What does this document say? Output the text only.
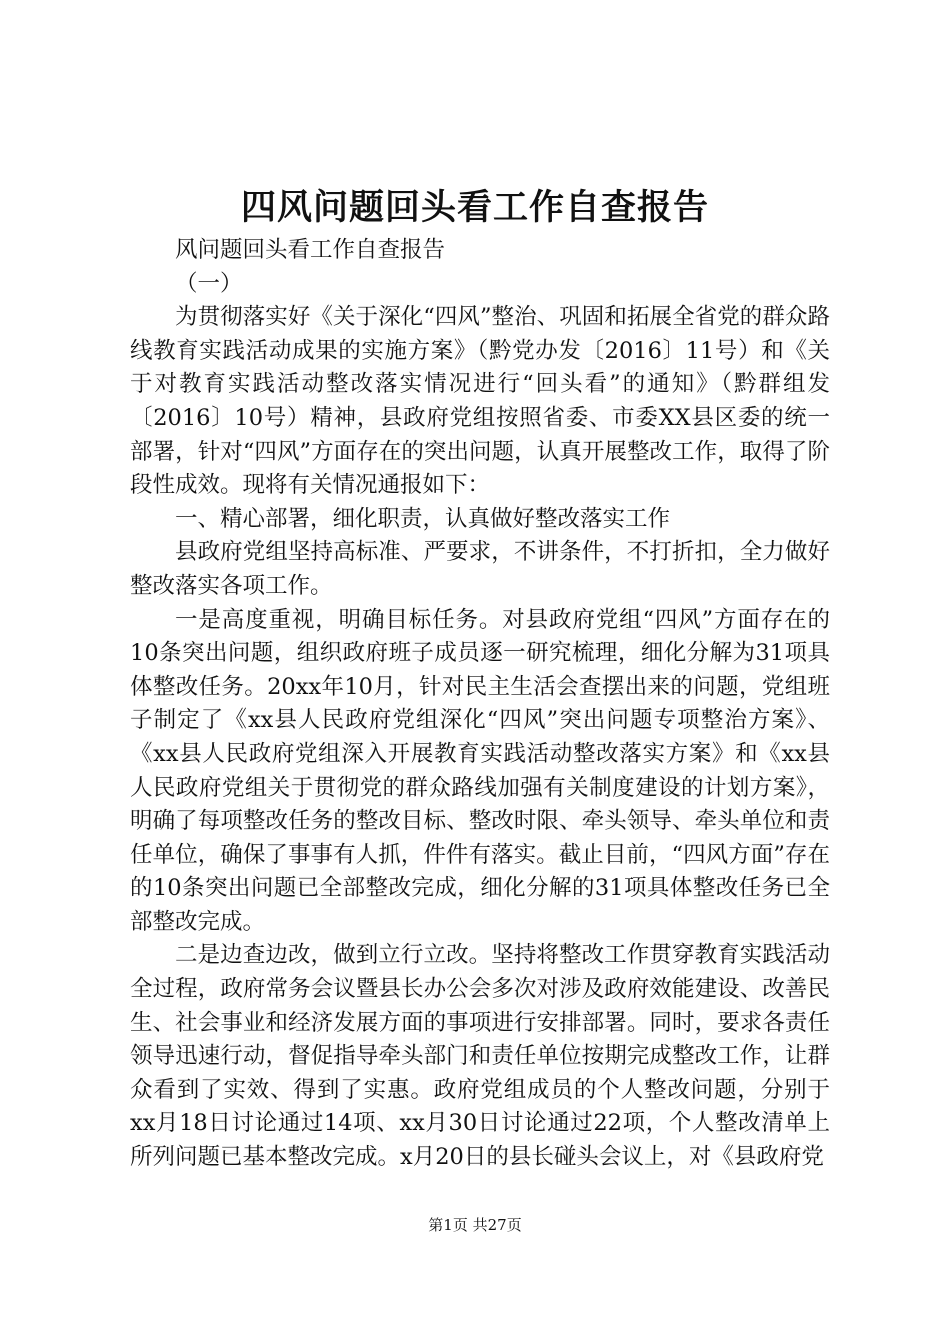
四风问题回头看工作自查报告

风问题回头看工作自查报告

（一）

为贯彻落实好《关于深化“四风”整治、巩固和拓展全省党的群众路线教育实践活动成果的实施方案》（黔党办发〔2016〕11号）和《关于对教育实践活动整改落实情况进行“回头看”的通知》（黔群组发〔2016〕10号）精神，县政府党组按照省委、市委XX县区委的统一部署，针对“四风”方面存在的突出问题，认真开展整改工作，取得了阶段性成效。现将有关情况通报如下：

一、精心部署，细化职责，认真做好整改落实工作

县政府党组坚持高标准、严要求，不讲条件，不打折扣，全力做好整改落实各项工作。

一是高度重视，明确目标任务。对县政府党组“四风”方面存在的10条突出问题，组织政府班子成员逐一研究梳理，细化分解为31项具体整改任务。20xx年10月，针对民主生活会查摆出来的问题，党组班子制定了《xx县人民政府党组深化“四风”突出问题专项整治方案》、《xx县人民政府党组深入开展教育实践活动整改落实方案》和《xx县人民政府党组关于贯彻党的群众路线加强有关制度建设的计划方案》，明确了每项整改任务的整改目标、整改时限、牵头领导、牵头单位和责任单位，确保了事事有人抓，件件有落实。截止目前，“四风方面”存在的10条突出问题已全部整改完成，细化分解的31项具体整改任务已全部整改完成。

二是边查边改，做到立行立改。坚持将整改工作贯穿教育实践活动全过程，政府常务会议暨县长办公会多次对涉及政府效能建设、改善民生、社会事业和经济发展方面的事项进行安排部署。同时，要求各责任领导迅速行动，督促指导牵头部门和责任单位按期完成整改工作，让群众看到了实效、得到了实惠。政府党组成员的个人整改问题，分别于xx月18日讨论通过14项、xx月30日讨论通过22项，个人整改清单上所列问题已基本整改完成。x月20日的县长碰头会议上，对《县政府党

第1页 共27页
